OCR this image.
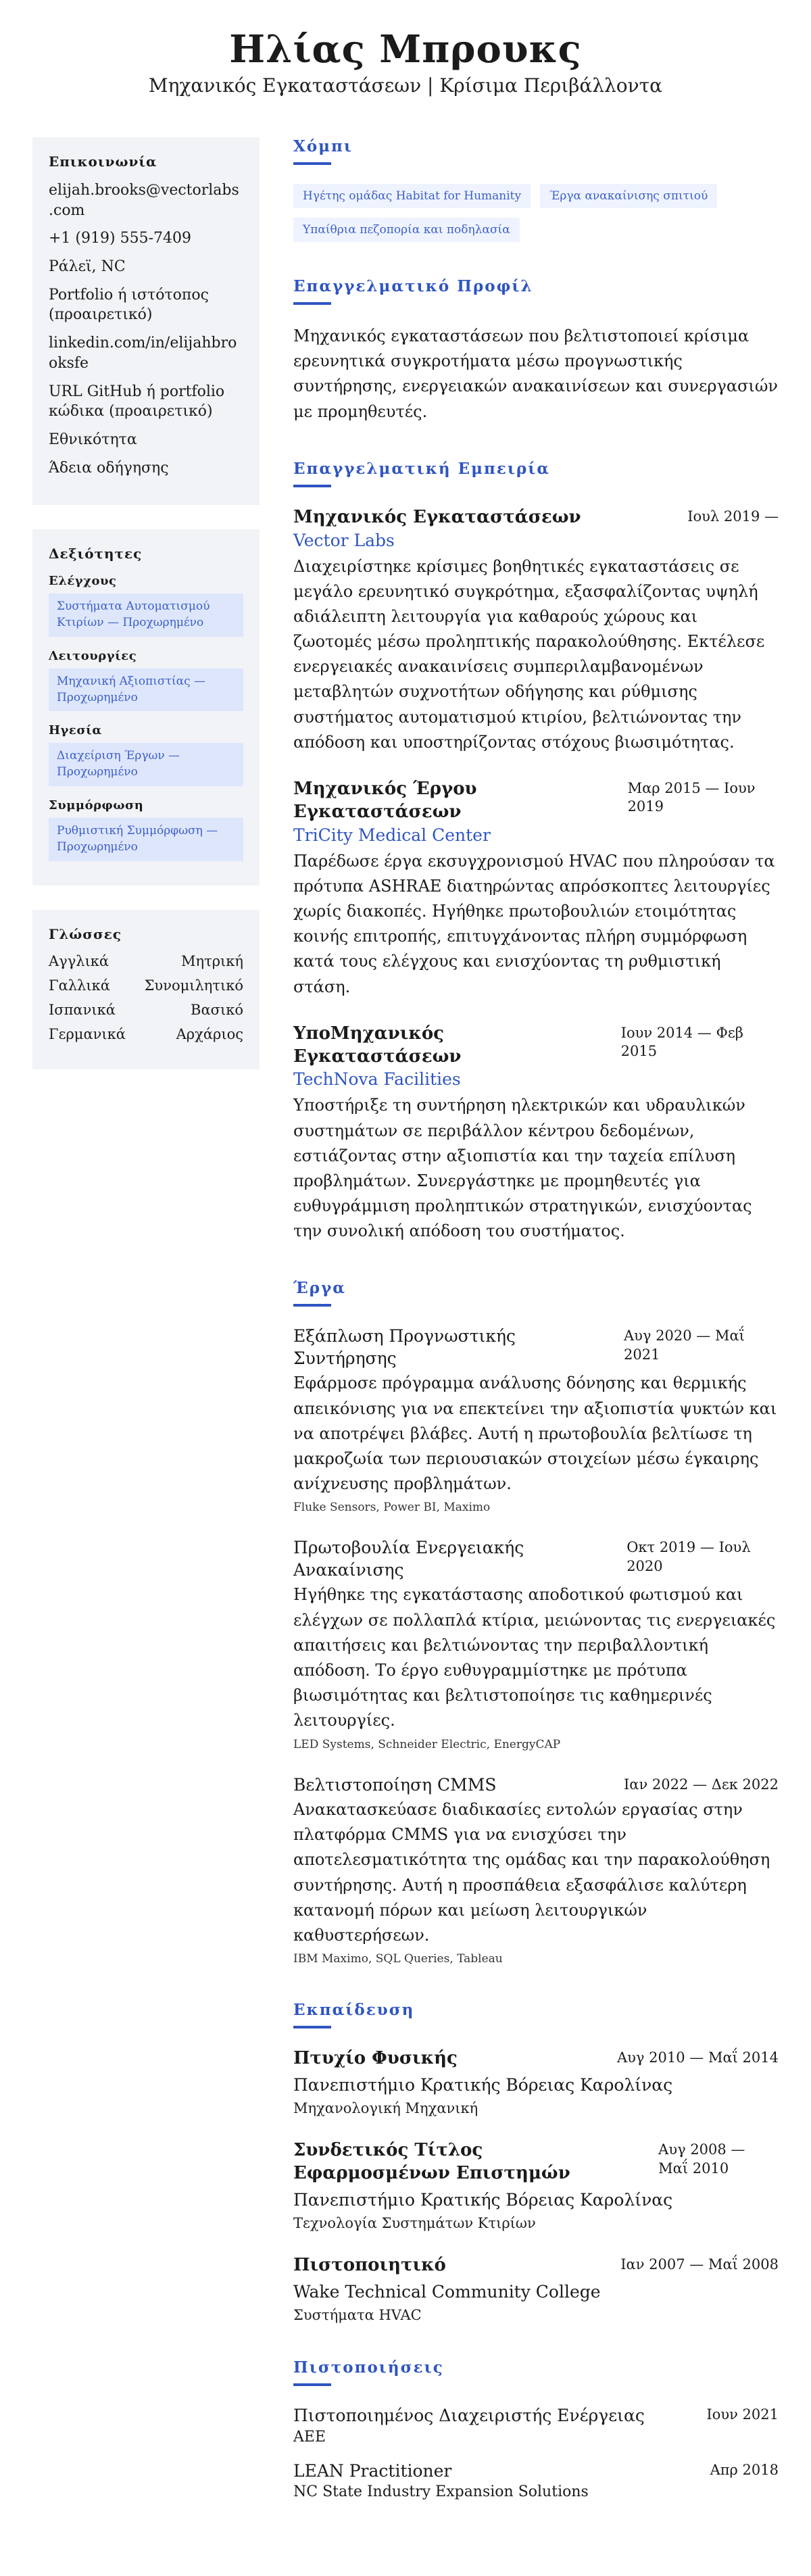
Ηλίας Μπρουκς
Μηχανικός Εγκαταστάσεων | Κρίσιμα Περιβάλλοντα
Επικοινωνία
elijah.brooks@vectorlabs.com
+1 (919) 555-7409
Ράλεϊ, NC
Portfolio ή ιστότοπος (προαιρετικό)
linkedin.com/in/elijahbrooksfe
URL GitHub ή portfolio κώδικα (προαιρετικό)
Εθνικότητα
Άδεια οδήγησης
Δεξιότητες
Ελέγχους
Συστήματα Αυτοματισμού Κτιρίων — Προχωρημένο
Λειτουργίες
Μηχανική Αξιοπιστίας — Προχωρημένο
Ηγεσία
Διαχείριση Έργων — Προχωρημένο
Συμμόρφωση
Ρυθμιστική Συμμόρφωση — Προχωρημένο
Γλώσσες
Αγγλικά	Μητρική
Γαλλικά Συνομιλητικό
Ισπανικά	Βασικό
Γερμανικά	Αρχάριος
Χόμπι
Ηγέτης ομάδας Habitat for Humanity	Έργα ανακαίνισης σπιτιού
Υπαίθρια πεζοπορία και ποδηλασία
Επαγγελματικό Προφίλ
Μηχανικός εγκαταστάσεων που βελτιστοποιεί κρίσιμα ερευνητικά συγκροτήματα μέσω προγνωστικής συντήρησης, ενεργειακών ανακαινίσεων και συνεργασιών με προμηθευτές.
Επαγγελματική Εμπειρία
Μηχανικός Εγκαταστάσεων	Ιουλ 2019 —
Vector Labs
Διαχειρίστηκε κρίσιμες βοηθητικές εγκαταστάσεις σε μεγάλο ερευνητικό συγκρότημα, εξασφαλίζοντας υψηλή αδιάλειπτη λειτουργία για καθαρούς χώρους και ζωοτομές μέσω προληπτικής παρακολούθησης. Εκτέλεσε ενεργειακές ανακαινίσεις συμπεριλαμβανομένων μεταβλητών συχνοτήτων οδήγησης και ρύθμισης συστήματος αυτοματισμού κτιρίου, βελτιώνοντας την απόδοση και υποστηρίζοντας στόχους βιωσιμότητας.
Μηχανικός Έργου Εγκαταστάσεων
Μαρ 2015 — Ιουν 2019
TriCity Medical Center
Παρέδωσε έργα εκσυγχρονισμού HVAC που πληρούσαν τα πρότυπα ASHRAE διατηρώντας απρόσκοπτες λειτουργίες χωρίς διακοπές. Ηγήθηκε πρωτοβουλιών ετοιμότητας κοινής επιτροπής, επιτυγχάνοντας πλήρη συμμόρφωση κατά τους ελέγχους και ενισχύοντας τη ρυθμιστική στάση.
ΥποΜηχανικός Εγκαταστάσεων
Ιουν 2014 — Φεβ 2015
TechNova Facilities
Υποστήριξε τη συντήρηση ηλεκτρικών και υδραυλικών συστημάτων σε περιβάλλον κέντρου δεδομένων, εστιάζοντας στην αξιοπιστία και την ταχεία επίλυση προβλημάτων. Συνεργάστηκε με προμηθευτές για ευθυγράμμιση προληπτικών στρατηγικών, ενισχύοντας την συνολική απόδοση του συστήματος.
Έργα
Εξάπλωση Προγνωστικής Συντήρησης
Αυγ 2020 — Μαΐ 2021
Εφάρμοσε πρόγραμμα ανάλυσης δόνησης και θερμικής απεικόνισης για να επεκτείνει την αξιοπιστία ψυκτών και να αποτρέψει βλάβες. Αυτή η πρωτοβουλία βελτίωσε τη μακροζωία των περιουσιακών στοιχείων μέσω έγκαιρης ανίχνευσης προβλημάτων.
Fluke Sensors, Power BI, Maximo
Πρωτοβουλία Ενεργειακής Ανακαίνισης
Οκτ 2019 — Ιουλ 2020
Ηγήθηκε της εγκατάστασης αποδοτικού φωτισμού και ελέγχων σε πολλαπλά κτίρια, μειώνοντας τις ενεργειακές απαιτήσεις και βελτιώνοντας την περιβαλλοντική απόδοση. Το έργο ευθυγραμμίστηκε με πρότυπα βιωσιμότητας και βελτιστοποίησε τις καθημερινές λειτουργίες.
LED Systems, Schneider Electric, EnergyCAP
Βελτιστοποίηση CMMS	Ιαν 2022 — Δεκ 2022
Ανακατασκεύασε διαδικασίες εντολών εργασίας στην πλατφόρμα CMMS για να ενισχύσει την αποτελεσματικότητα της ομάδας και την παρακολούθηση συντήρησης. Αυτή η προσπάθεια εξασφάλισε καλύτερη κατανομή πόρων και μείωση λειτουργικών καθυστερήσεων.
IBM Maximo, SQL Queries, Tableau
Εκπαίδευση
Πτυχίο Φυσικής	Αυγ 2010 — Μαΐ 2014
Πανεπιστήμιο Κρατικής Βόρειας Καρολίνας
Μηχανολογική Μηχανική
Συνδετικός Τίτλος Εφαρμοσμένων Επιστημών
Αυγ 2008 — Μαΐ 2010
Πανεπιστήμιο Κρατικής Βόρειας Καρολίνας
Τεχνολογία Συστημάτων Κτιρίων
Πιστοποιητικό	Ιαν 2007 — Μαΐ 2008
Wake Technical Community College
Συστήματα HVAC
Πιστοποιήσεις
Πιστοποιημένος Διαχειριστής Ενέργειας
AEE
Ιουν 2021
LEAN Practitioner
NC State Industry Expansion Solutions
Απρ 2018
